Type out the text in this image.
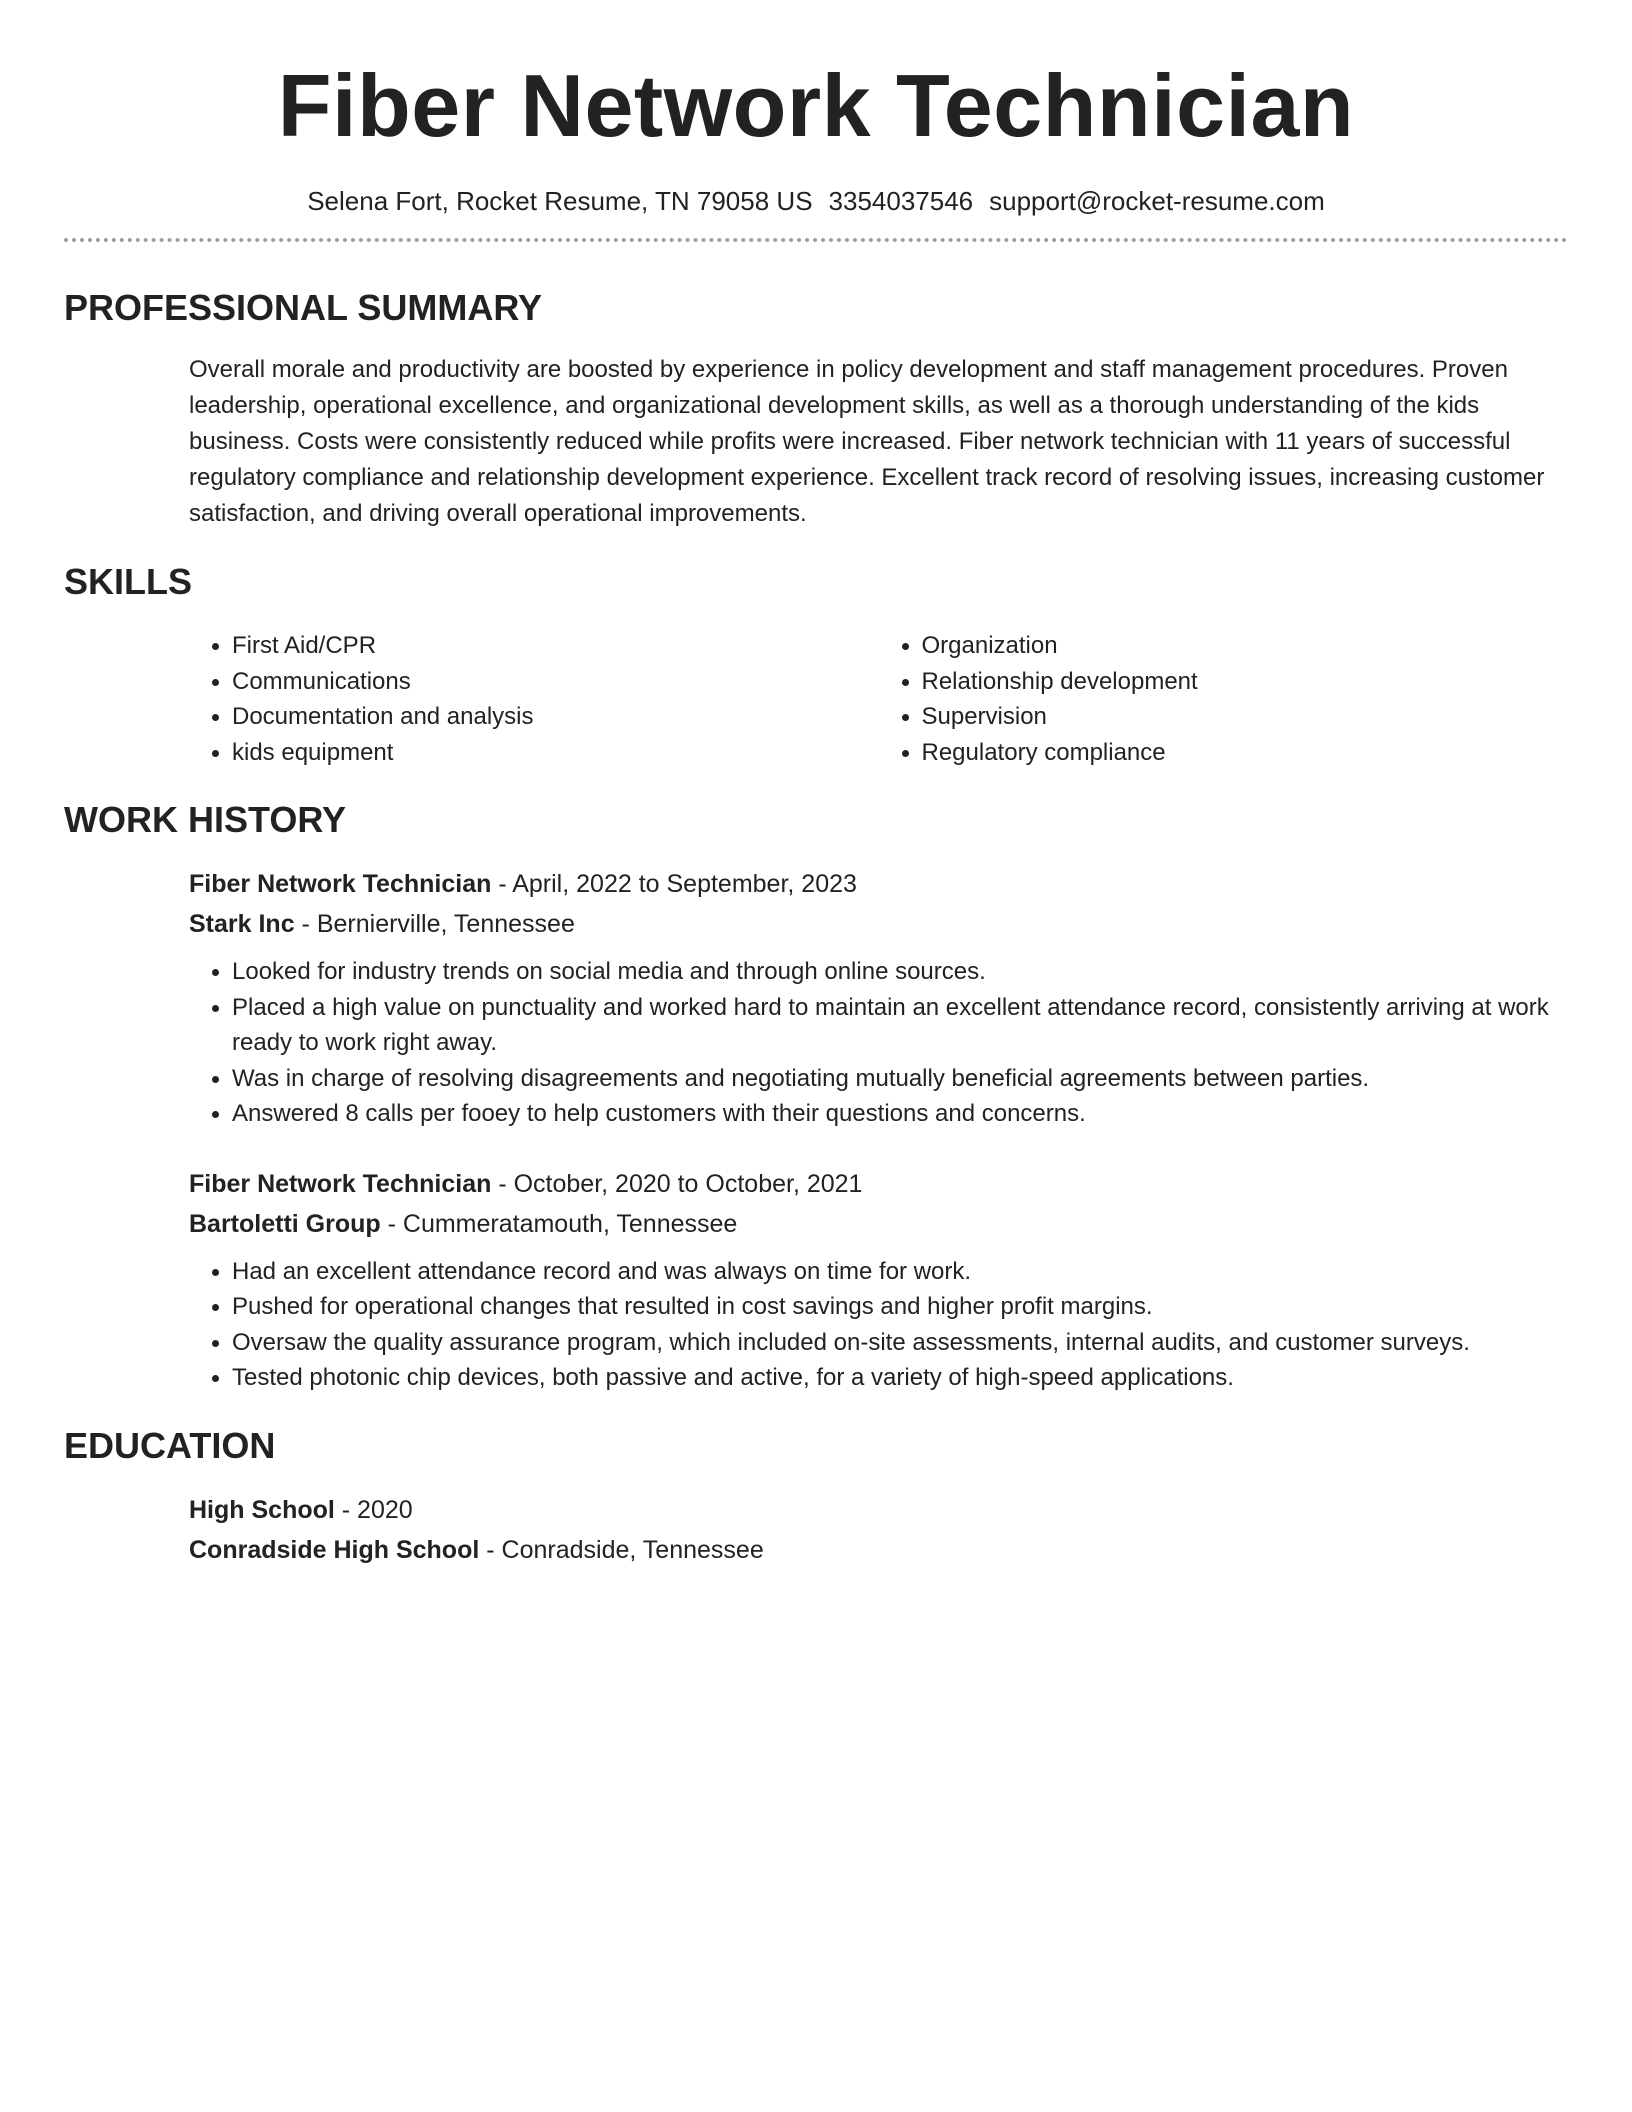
Fiber Network Technician
Selena Fort, Rocket Resume, TN 79058 US 3354037546 support@rocket-resume.com
PROFESSIONAL SUMMARY
Overall morale and productivity are boosted by experience in policy development and staff management procedures. Proven leadership, operational excellence, and organizational development skills, as well as a thorough understanding of the kids business. Costs were consistently reduced while profits were increased. Fiber network technician with 11 years of successful regulatory compliance and relationship development experience. Excellent track record of resolving issues, increasing customer satisfaction, and driving overall operational improvements.
SKILLS
• First Aid/CPR
• Communications
• Documentation and analysis
• kids equipment
• Organization
• Relationship development
• Supervision
• Regulatory compliance
WORK HISTORY
Fiber Network Technician - April, 2022 to September, 2023
Stark Inc - Bernierville, Tennessee
• Looked for industry trends on social media and through online sources.
• Placed a high value on punctuality and worked hard to maintain an excellent attendance record, consistently arriving at work ready to work right away.
• Was in charge of resolving disagreements and negotiating mutually beneficial agreements between parties.
• Answered 8 calls per fooey to help customers with their questions and concerns.
Fiber Network Technician - October, 2020 to October, 2021
Bartoletti Group - Cummeratamouth, Tennessee
• Had an excellent attendance record and was always on time for work.
• Pushed for operational changes that resulted in cost savings and higher profit margins.
• Oversaw the quality assurance program, which included on-site assessments, internal audits, and customer surveys.
• Tested photonic chip devices, both passive and active, for a variety of high-speed applications.
EDUCATION
High School - 2020
Conradside High School - Conradside, Tennessee
